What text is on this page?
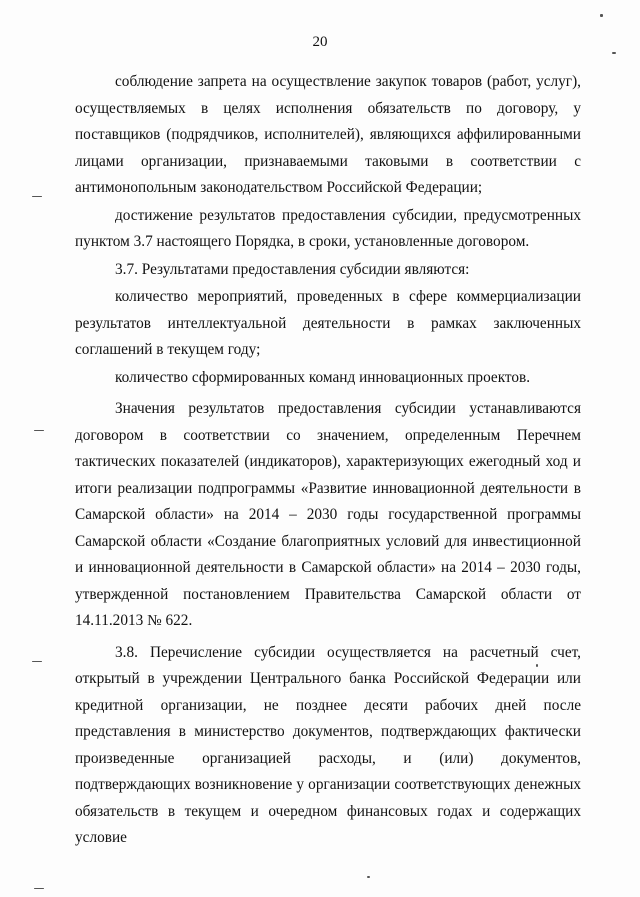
20

соблюдение запрета на осуществление закупок товаров (работ, услуг), осуществляемых в целях исполнения обязательств по договору, у поставщиков (подрядчиков, исполнителей), являющихся аффилированными лицами организации, признаваемыми таковыми в соответствии с антимонопольным законодательством Российской Федерации;

достижение результатов предоставления субсидии, предусмотренных пунктом 3.7 настоящего Порядка, в сроки, установленные договором.

3.7. Результатами предоставления субсидии являются:

количество мероприятий, проведенных в сфере коммерциализации результатов интеллектуальной деятельности в рамках заключенных соглашений в текущем году;

количество сформированных команд инновационных проектов.

Значения результатов предоставления субсидии устанавливаются договором в соответствии со значением, определенным Перечнем тактических показателей (индикаторов), характеризующих ежегодный ход и итоги реализации подпрограммы «Развитие инновационной деятельности в Самарской области» на 2014 – 2030 годы государственной программы Самарской области «Создание благоприятных условий для инвестиционной и инновационной деятельности в Самарской области» на 2014 – 2030 годы, утвержденной постановлением Правительства Самарской области от 14.11.2013 № 622.

3.8. Перечисление субсидии осуществляется на расчетный счет, открытый в учреждении Центрального банка Российской Федерации или кредитной организации, не позднее десяти рабочих дней после представления в министерство документов, подтверждающих фактически произведенные организацией расходы, и (или) документов, подтверждающих возникновение у организации соответствующих денежных обязательств в текущем и очередном финансовых годах и содержащих условие
